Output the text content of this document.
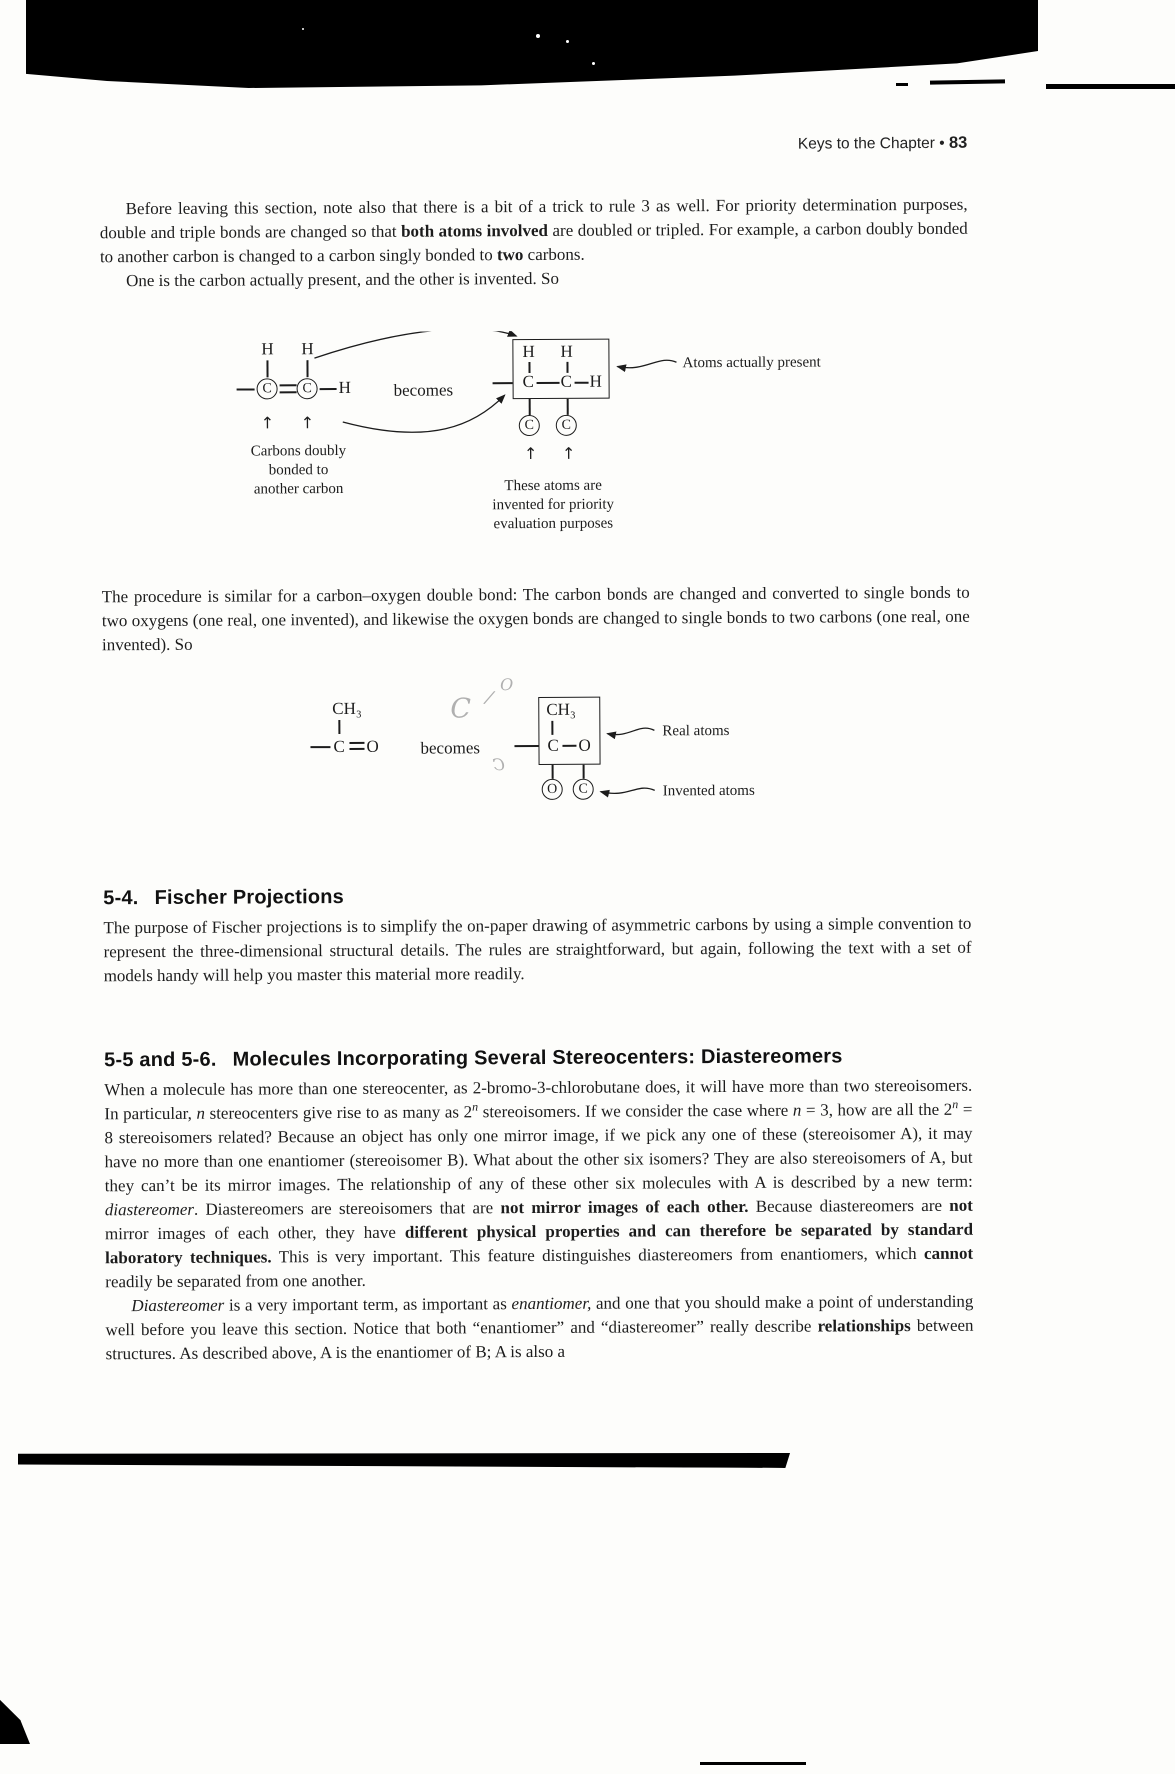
Keys to the Chapter • 83

Before leaving this section, note also that there is a bit of a trick to rule 3 as well. For priority determination purposes, double and triple bonds are changed so that both atoms involved are doubled or tripled. For example, a carbon doubly bonded to another carbon is changed to a carbon singly bonded to two carbons.

One is the carbon actually present, and the other is invented. So

H H
C	C	H
↑ ↑
Carbons doubly
bonded to
another carbon
becomes
H H
C C H
C	C
↑ ↑
These atoms are
invented for priority
evaluation purposes
Atoms actually present

The procedure is similar for a carbon–oxygen double bond: The carbon bonds are changed and converted to single bonds to two oxygens (one real, one invented), and likewise the oxygen bonds are changed to single bonds to two carbons (one real, one invented). So

C
O
/
C
CH₃
C O becomes
CH₃
C O
O	C
Real atoms
Invented atoms
5-4. Fischer Projections

The purpose of Fischer projections is to simplify the on-paper drawing of asymmetric carbons by using a simple convention to represent the three-dimensional structural details. The rules are straightforward, but again, following the text with a set of models handy will help you master this material more readily.

5-5 and 5-6. Molecules Incorporating Several Stereocenters: Diastereomers

When a molecule has more than one stereocenter, as 2-bromo-3-chlorobutane does, it will have more than two stereoisomers. In particular, n stereocenters give rise to as many as 2$^n$ stereoisomers. If we consider the case where n = 3, how are all the $2^n = 8$ stereoisomers related? Because an object has only one mirror image, if we pick any one of these (stereoisomer A), it may have no more than one enantiomer (stereoisomer B). What about the other six isomers? They are also stereoisomers of A, but they can’t be its mirror images. The relationship of any of these other six molecules with A is described by a new term: diastereomer. Diastereomers are stereoisomers that are not mirror images of each other. Because diastereomers are not mirror images of each other, they have different physical properties and can therefore be separated by standard laboratory techniques. This is very important. This feature distinguishes diastereomers from enantiomers, which cannot readily be separated from one another.

Diastereomer is a very important term, as important as enantiomer, and one that you should make a point of understanding well before you leave this section. Notice that both “enantiomer” and “diastereomer” really describe relationships between structures. As described above, A is the enantiomer of B; A is also a
